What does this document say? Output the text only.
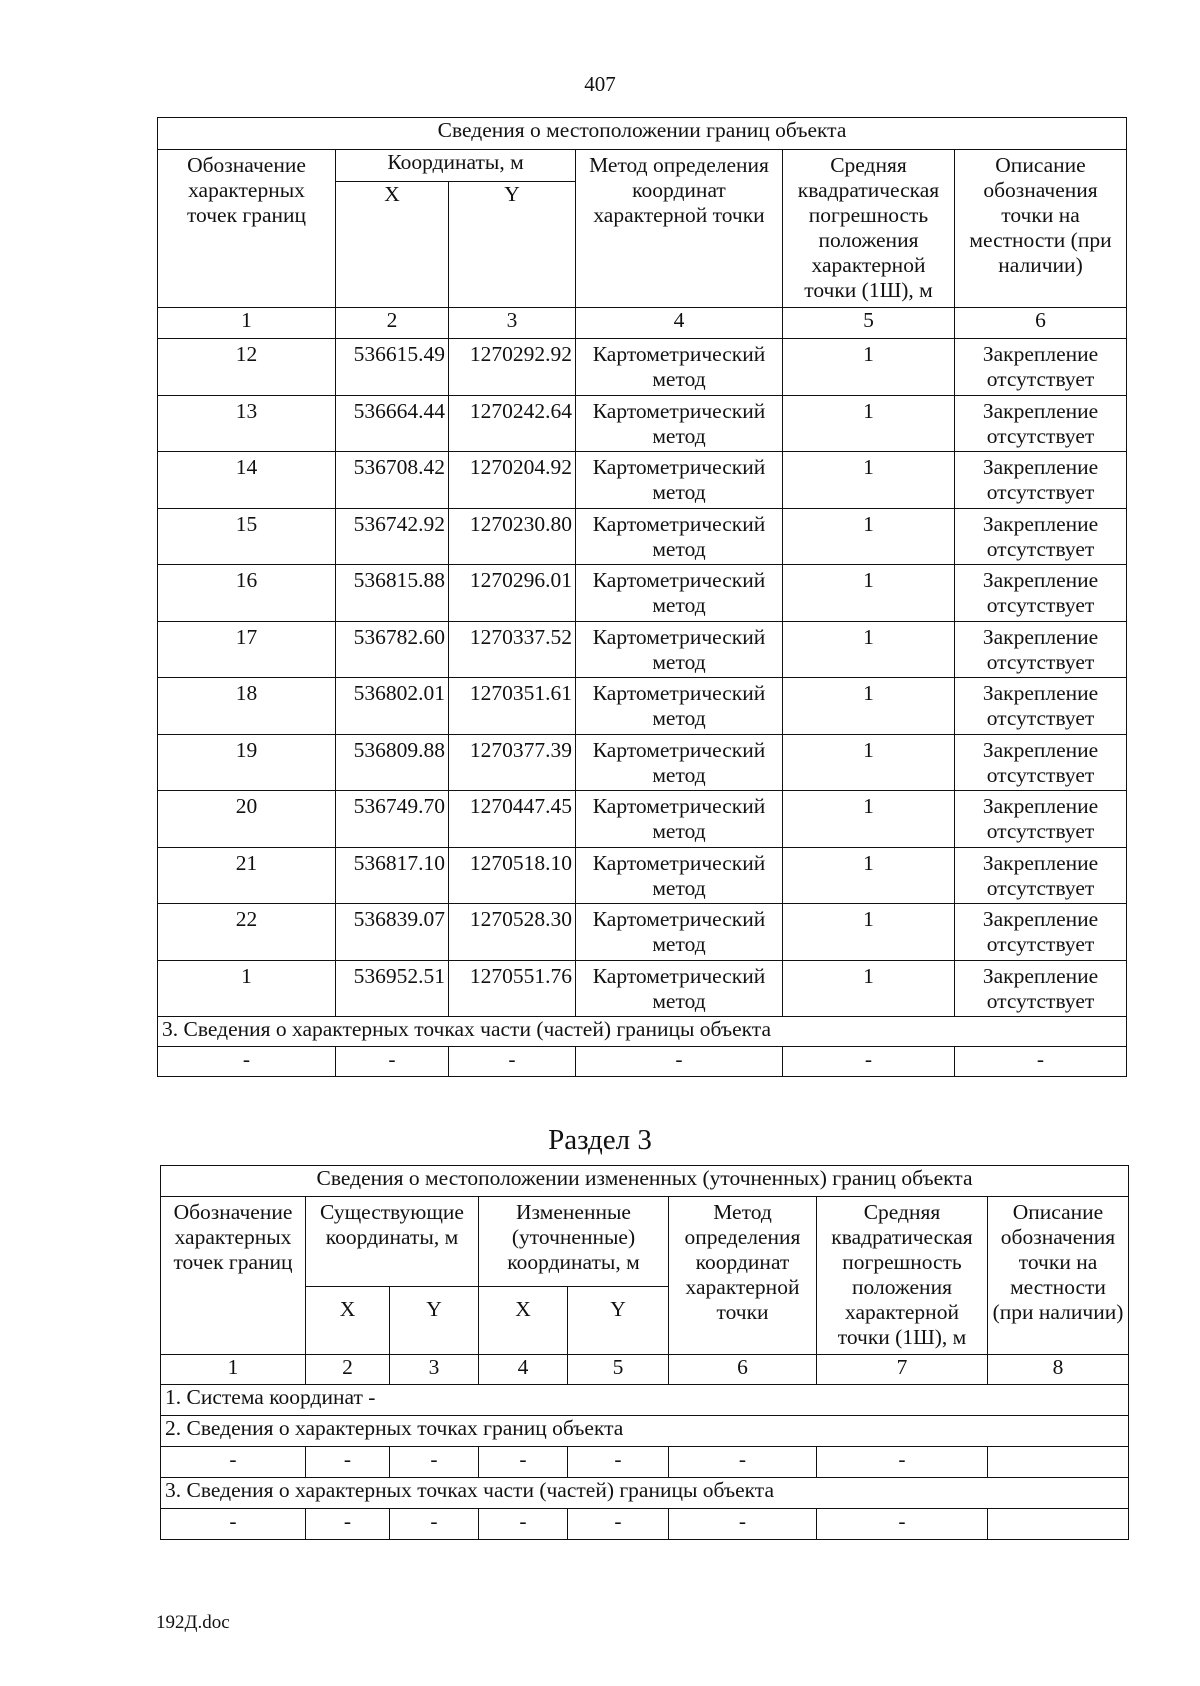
407
Сведения о местоположении границ объекта					
Обозначение характерных точек границ	Координаты, м		Метод определения координат характерной точки	Средняя квадратическая погрешность положения характерной точки (1Ш), м	Описание обозначения точки на местности (при наличии)
	X	Y			
1	2	3	4	5	6
12	536615.49	1270292.92	Картометрический метод	1	Закрепление отсутствует
13	536664.44	1270242.64	Картометрический метод	1	Закрепление отсутствует
14	536708.42	1270204.92	Картометрический метод	1	Закрепление отсутствует
15	536742.92	1270230.80	Картометрический метод	1	Закрепление отсутствует
16	536815.88	1270296.01	Картометрический метод	1	Закрепление отсутствует
17	536782.60	1270337.52	Картометрический метод	1	Закрепление отсутствует
18	536802.01	1270351.61	Картометрический метод	1	Закрепление отсутствует
19	536809.88	1270377.39	Картометрический метод	1	Закрепление отсутствует
20	536749.70	1270447.45	Картометрический метод	1	Закрепление отсутствует
21	536817.10	1270518.10	Картометрический метод	1	Закрепление отсутствует
22	536839.07	1270528.30	Картометрический метод	1	Закрепление отсутствует
1	536952.51	1270551.76	Картометрический метод	1	Закрепление отсутствует
3. Сведения о характерных точках части (частей) границы объекта					
-	-	-	-	-	-
Раздел 3
Сведения о местоположении измененных (уточненных) границ объекта							
Обозначение характерных точек границ	Существующие координаты, м		Измененные (уточненные) координаты, м		Метод определения координат характерной точки	Средняя квадратическая погрешность положения характерной точки (1Ш), м	Описание обозначения точки на местности (при наличии)
	X	Y	X	Y			
1	2	3	4	5	6	7	8
1. Система координат -							
2. Сведения о характерных точках границ объекта							
-	-	-	-	-	-	-	
3. Сведения о характерных точках части (частей) границы объекта							
-	-	-	-	-	-	-	
192Д.doc
